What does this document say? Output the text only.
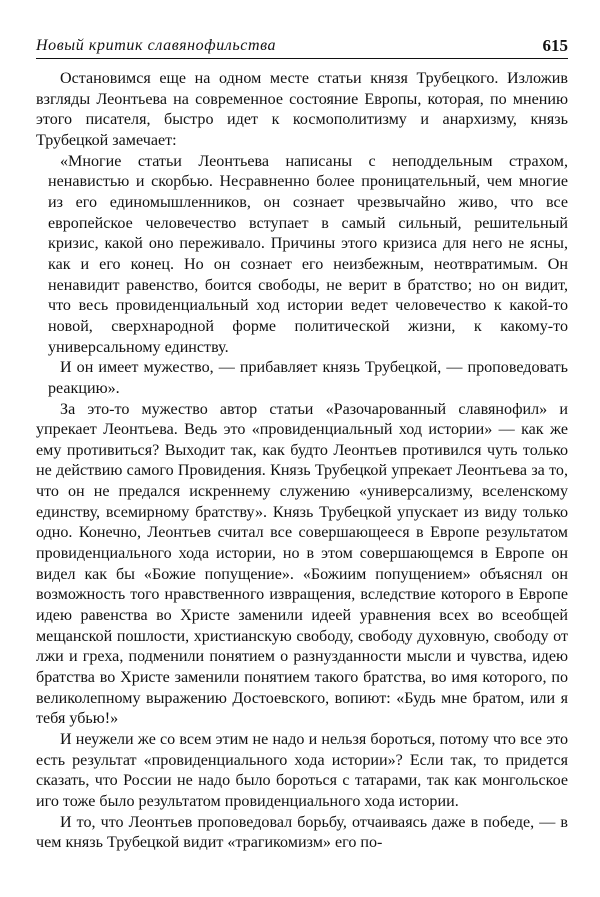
Новый критик славянофильства	615

Остановимся еще на одном месте статьи князя Трубецкого. Изложив взгляды Леонтьева на современное состояние Европы, которая, по мнению этого писателя, быстро идет к космополитизму и анархизму, князь Трубецкой замечает:

«Многие статьи Леонтьева написаны с неподдельным страхом, ненавистью и скорбью. Несравненно более проницательный, чем многие из его единомышленников, он сознает чрезвычайно живо, что все европейское человечество вступает в самый сильный, решительный кризис, какой оно переживало. Причины этого кризиса для него не ясны, как и его конец. Но он сознает его неизбежным, неотвратимым. Он ненавидит равенство, боится свободы, не верит в братство; но он видит, что весь провиденциальный ход истории ведет человечество к какой-то новой, сверхнародной форме политической жизни, к какому-то универсальному единству.

И он имеет мужество, — прибавляет князь Трубецкой, — проповедовать реакцию».

За это-то мужество автор статьи «Разочарованный славянофил» и упрекает Леонтьева. Ведь это «провиденциальный ход истории» — как же ему противиться? Выходит так, как будто Леонтьев противился чуть только не действию самого Провидения. Князь Трубецкой упрекает Леонтьева за то, что он не предался искреннему служению «универсализму, вселенскому единству, всемирному братству». Князь Трубецкой упускает из виду только одно. Конечно, Леонтьев считал все совершающееся в Европе результатом провиденциального хода истории, но в этом совершающемся в Европе он видел как бы «Божие попущение». «Божиим попущением» объяснял он возможность того нравственного извращения, вследствие которого в Европе идею равенства во Христе заменили идеей уравнения всех во всеобщей мещанской пошлости, христианскую свободу, свободу духовную, свободу от лжи и греха, подменили понятием о разнузданности мысли и чувства, идею братства во Христе заменили понятием такого братства, во имя которого, по великолепному выражению Достоевского, вопиют: «Будь мне братом, или я тебя убью!»

И неужели же со всем этим не надо и нельзя бороться, потому что все это есть результат «провиденциального хода истории»? Если так, то придется сказать, что России не надо было бороться с татарами, так как монгольское иго тоже было результатом провиденциального хода истории.

И то, что Леонтьев проповедовал борьбу, отчаиваясь даже в победе, — в чем князь Трубецкой видит «трагикомизм» его по-
